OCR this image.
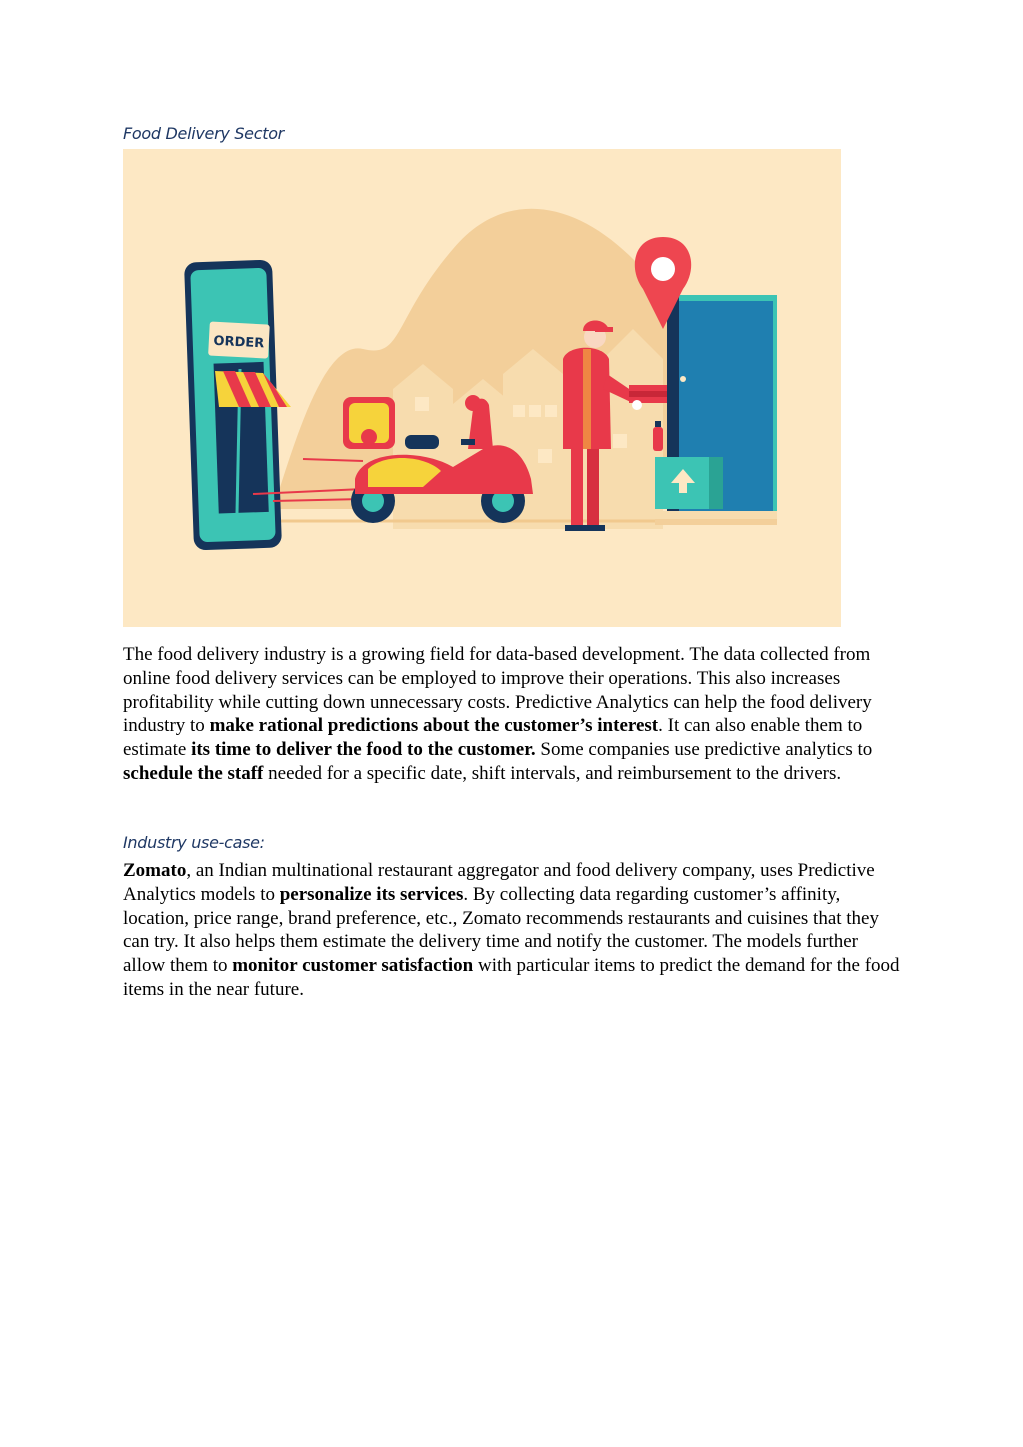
Food Delivery Sector
ORDER

The food delivery industry is a growing field for data-based development. The data collected from online food delivery services can be employed to improve their operations. This also increases profitability while cutting down unnecessary costs. Predictive Analytics can help the food delivery industry to make rational predictions about the customer’s interest. It can also enable them to estimate its time to deliver the food to the customer. Some companies use predictive analytics to schedule the staff needed for a specific date, shift intervals, and reimbursement to the drivers.

Industry use-case:

Zomato, an Indian multinational restaurant aggregator and food delivery company, uses Predictive Analytics models to personalize its services. By collecting data regarding customer’s affinity, location, price range, brand preference, etc., Zomato recommends restaurants and cuisines that they can try. It also helps them estimate the delivery time and notify the customer. The models further allow them to monitor customer satisfaction with particular items to predict the demand for the food items in the near future.
